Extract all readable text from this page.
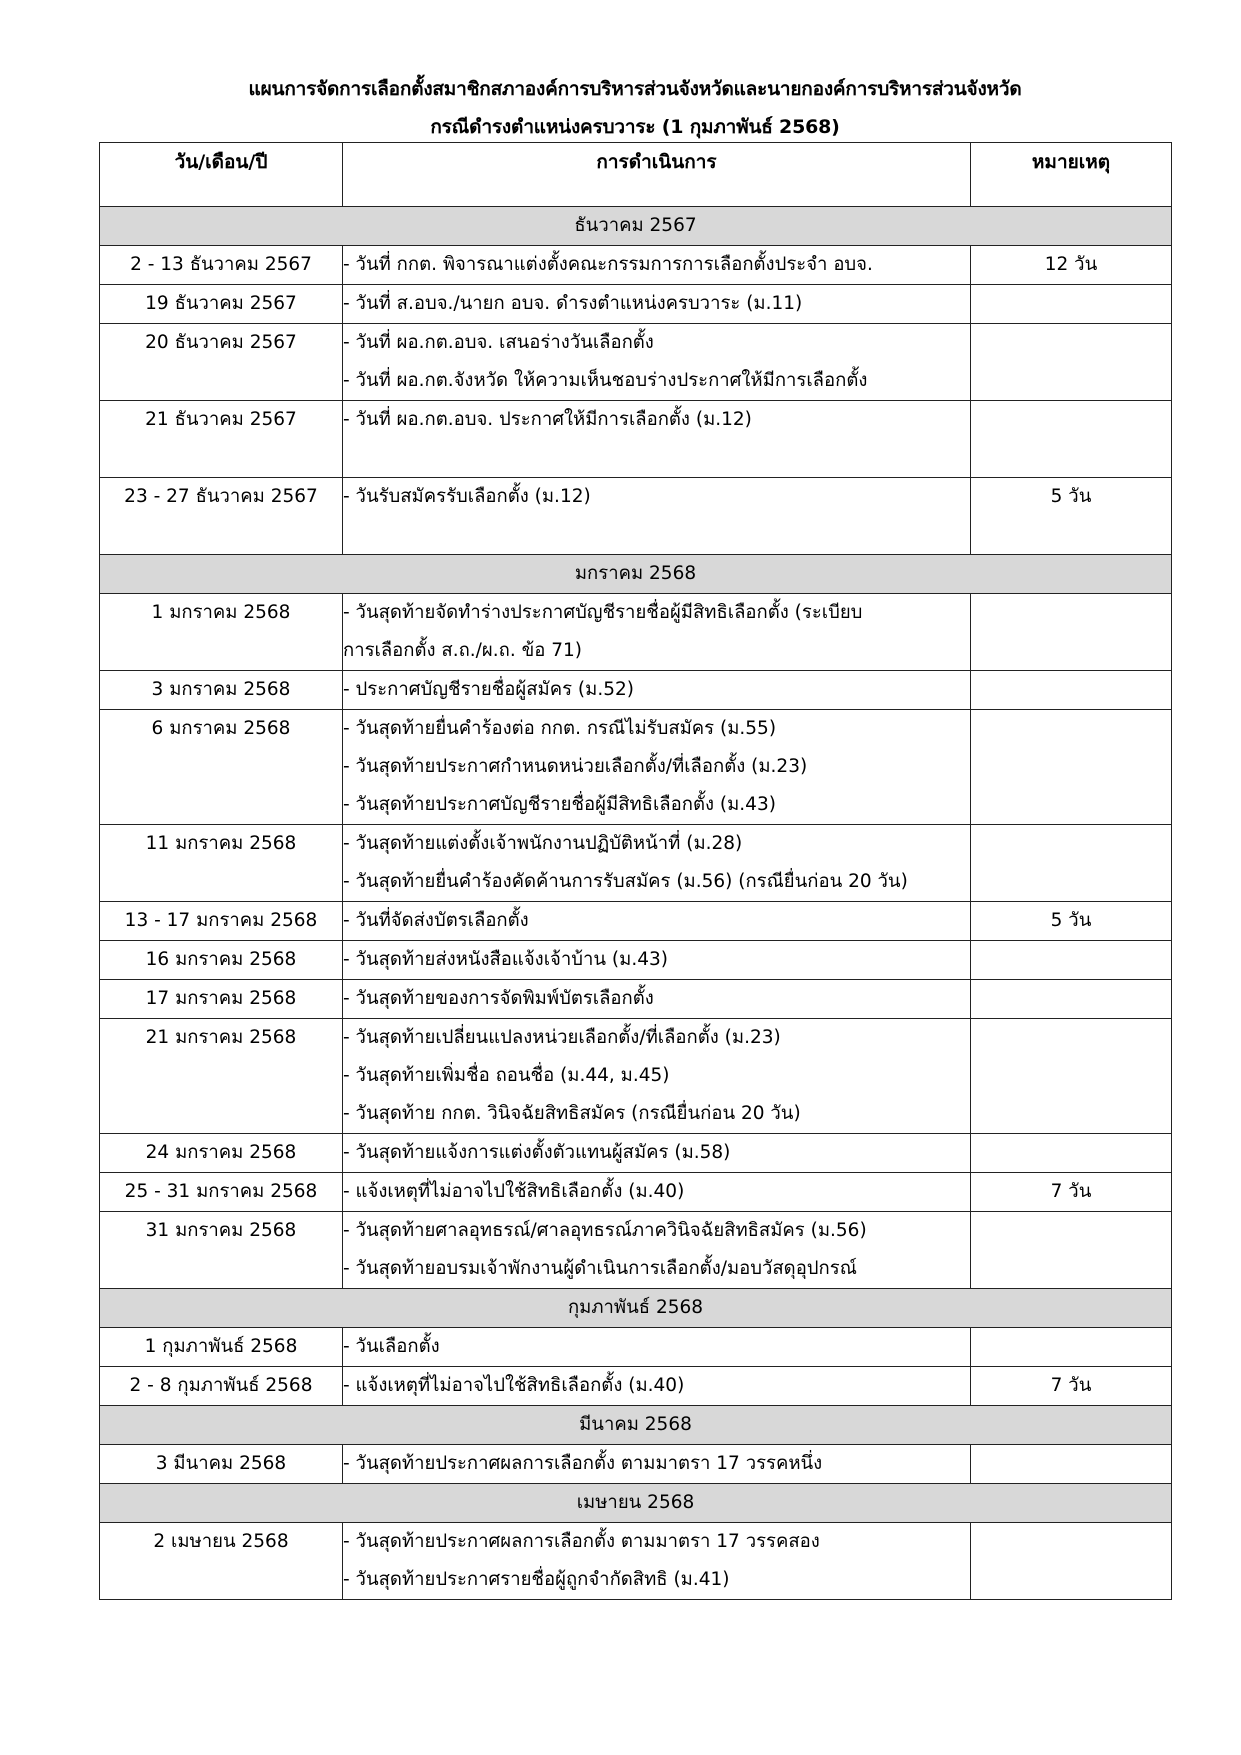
แผนการจัดการเลือกตั้งสมาชิกสภาองค์การบริหารส่วนจังหวัดและนายกองค์การบริหารส่วนจังหวัด
กรณีดำรงตำแหน่งครบวาระ (1 กุมภาพันธ์ 2568)
วัน/เดือน/ปี	การดำเนินการ	หมายเหตุ
ธันวาคม 2567		
2 - 13 ธันวาคม 2567	- วันที่ กกต. พิจารณาแต่งตั้งคณะกรรมการการเลือกตั้งประจำ อบจ.	12 วัน
19 ธันวาคม 2567	- วันที่ ส.อบจ./นายก อบจ. ดำรงตำแหน่งครบวาระ (ม.11)	

20 ธันวาคม 2567	- วันที่ ผอ.กต.อบจ. เสนอร่างวันเลือกตั้ง
- วันที่ ผอ.กต.จังหวัด ให้ความเห็นชอบร่างประกาศให้มีการเลือกตั้ง	

21 ธันวาคม 2567	- วันที่ ผอ.กต.อบจ. ประกาศให้มีการเลือกตั้ง (ม.12)	

23 - 27 ธันวาคม 2567	- วันรับสมัครรับเลือกตั้ง (ม.12)	5 วัน
มกราคม 2568		
1 มกราคม 2568	- วันสุดท้ายจัดทำร่างประกาศบัญชีรายชื่อผู้มีสิทธิเลือกตั้ง (ระเบียบ
การเลือกตั้ง ส.ถ./ผ.ถ. ข้อ 71)	

3 มกราคม 2568	- ประกาศบัญชีรายชื่อผู้สมัคร (ม.52)	

6 มกราคม 2568	- วันสุดท้ายยื่นคำร้องต่อ กกต. กรณีไม่รับสมัคร (ม.55)
- วันสุดท้ายประกาศกำหนดหน่วยเลือกตั้ง/ที่เลือกตั้ง (ม.23)
- วันสุดท้ายประกาศบัญชีรายชื่อผู้มีสิทธิเลือกตั้ง (ม.43)	

11 มกราคม 2568	- วันสุดท้ายแต่งตั้งเจ้าพนักงานปฏิบัติหน้าที่ (ม.28)
- วันสุดท้ายยื่นคำร้องคัดค้านการรับสมัคร (ม.56) (กรณียื่นก่อน 20 วัน)	

13 - 17 มกราคม 2568	- วันที่จัดส่งบัตรเลือกตั้ง	5 วัน
16 มกราคม 2568	- วันสุดท้ายส่งหนังสือแจ้งเจ้าบ้าน (ม.43)	

17 มกราคม 2568	- วันสุดท้ายของการจัดพิมพ์บัตรเลือกตั้ง	

21 มกราคม 2568	- วันสุดท้ายเปลี่ยนแปลงหน่วยเลือกตั้ง/ที่เลือกตั้ง (ม.23)
- วันสุดท้ายเพิ่มชื่อ ถอนชื่อ (ม.44, ม.45)
- วันสุดท้าย กกต. วินิจฉัยสิทธิสมัคร (กรณียื่นก่อน 20 วัน)	

24 มกราคม 2568	- วันสุดท้ายแจ้งการแต่งตั้งตัวแทนผู้สมัคร (ม.58)	

25 - 31 มกราคม 2568	- แจ้งเหตุที่ไม่อาจไปใช้สิทธิเลือกตั้ง (ม.40)	7 วัน
31 มกราคม 2568	- วันสุดท้ายศาลอุทธรณ์/ศาลอุทธรณ์ภาควินิจฉัยสิทธิสมัคร (ม.56)
- วันสุดท้ายอบรมเจ้าพักงานผู้ดำเนินการเลือกตั้ง/มอบวัสดุอุปกรณ์	

กุมภาพันธ์ 2568		
1 กุมภาพันธ์ 2568	- วันเลือกตั้ง	

2 - 8 กุมภาพันธ์ 2568	- แจ้งเหตุที่ไม่อาจไปใช้สิทธิเลือกตั้ง (ม.40)	7 วัน
มีนาคม 2568		
3 มีนาคม 2568	- วันสุดท้ายประกาศผลการเลือกตั้ง ตามมาตรา 17 วรรคหนึ่ง	

เมษายน 2568		
2 เมษายน 2568	- วันสุดท้ายประกาศผลการเลือกตั้ง ตามมาตรา 17 วรรคสอง
- วันสุดท้ายประกาศรายชื่อผู้ถูกจำกัดสิทธิ (ม.41)	
